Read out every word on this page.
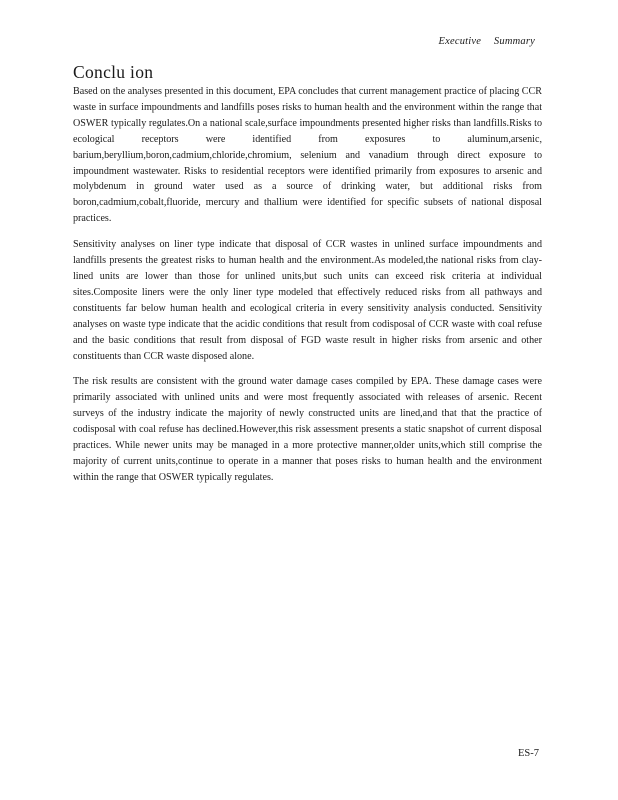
Executive Summary
Conclu ion

Based on the analyses presented in this document, EPA concludes that current management practice of placing CCR waste in surface impoundments and landfills poses risks to human health and the environment within the range that OSWER typically regulates.On a national scale,surface impoundments presented higher risks than landfills.Risks to ecological receptors were identified from exposures to aluminum,arsenic, barium,beryllium,boron,cadmium,chloride,chromium, selenium and vanadium through direct exposure to impoundment wastewater. Risks to residential receptors were identified primarily from exposures to arsenic and molybdenum in ground water used as a source of drinking water, but additional risks from boron,cadmium,cobalt,fluoride, mercury and thallium were identified for specific subsets of national disposal practices.

Sensitivity analyses on liner type indicate that disposal of CCR wastes in unlined surface impoundments and landfills presents the greatest risks to human health and the environment.As modeled,the national risks from clay-lined units are lower than those for unlined units,but such units can exceed risk criteria at individual sites.Composite liners were the only liner type modeled that effectively reduced risks from all pathways and constituents far below human health and ecological criteria in every sensitivity analysis conducted. Sensitivity analyses on waste type indicate that the acidic conditions that result from codisposal of CCR waste with coal refuse and the basic conditions that result from disposal of FGD waste result in higher risks from arsenic and other constituents than CCR waste disposed alone.

The risk results are consistent with the ground water damage cases compiled by EPA. These damage cases were primarily associated with unlined units and were most frequently associated with releases of arsenic. Recent surveys of the industry indicate the majority of newly constructed units are lined,and that that the practice of codisposal with coal refuse has declined.However,this risk assessment presents a static snapshot of current disposal practices. While newer units may be managed in a more protective manner,older units,which still comprise the majority of current units,continue to operate in a manner that poses risks to human health and the environment within the range that OSWER typically regulates.

ES-7
